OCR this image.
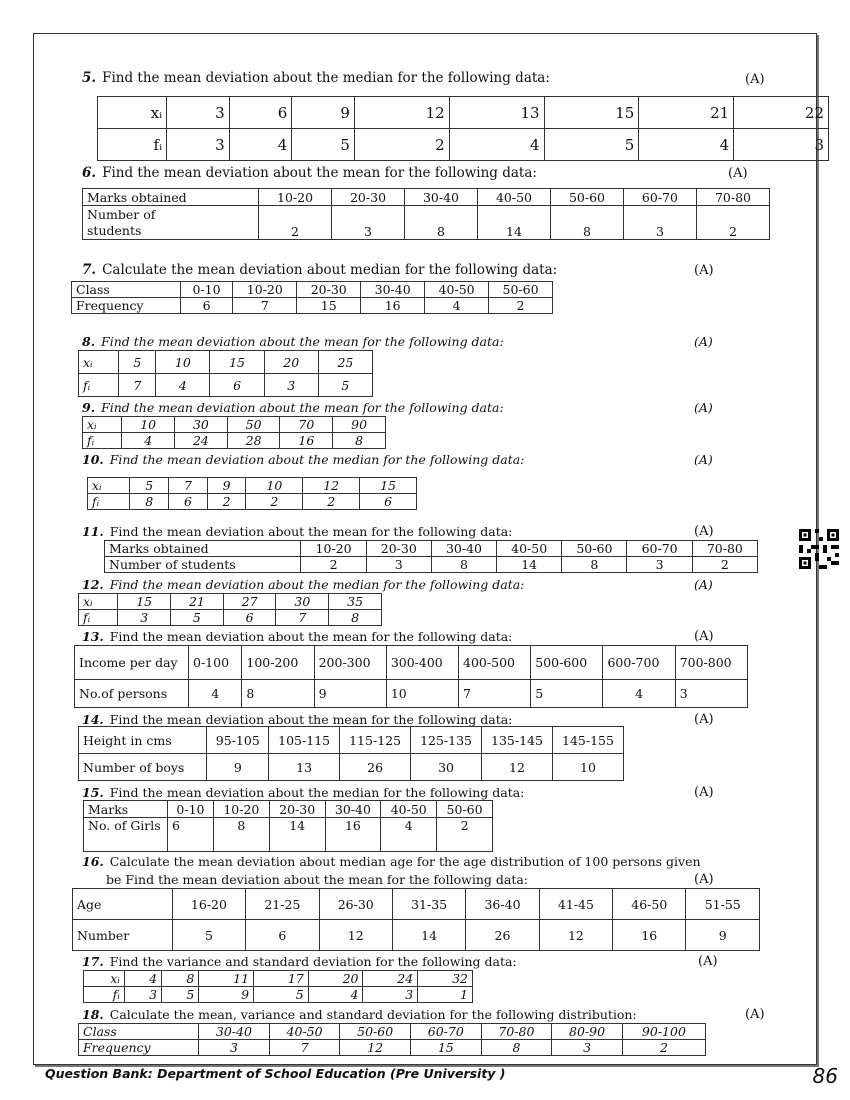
5. Find the mean deviation about the median for the following data:	(A)
xᵢ	3	6	9	12	13	15	21	22
fᵢ	3	4	5	2	4	5	4	3
6. Find the mean deviation about the mean for the following data:	(A)
Marks obtained	10-20	20-30	30-40	40-50	50-60	60-70	70-80
Number of
students	2	3	8	14	8	3	2
7. Calculate the mean deviation about median for the following data:	(A)
Class	0-10	10-20	20-30	30-40	40-50	50-60
Frequency	6	7	15	16	4	2
8. Find the mean deviation about the mean for the following data:	(A)
xᵢ	5	10	15	20	25
fᵢ	7	4	6	3	5
9. Find the mean deviation about the mean for the following data:	(A)
xᵢ	10	30	50	70	90
fᵢ	4	24	28	16	8
10. Find the mean deviation about the median for the following data:	(A)
xᵢ	5	7	9	10	12	15
fᵢ	8	6	2	2	2	6
11. Find the mean deviation about the mean for the following data:	(A)
Marks obtained	10-20	20-30	30-40	40-50	50-60	60-70	70-80
Number of students	2	3	8	14	8	3	2
12. Find the mean deviation about the median for the following data:	(A)
xᵢ	15	21	27	30	35
fᵢ	3	5	6	7	8
13. Find the mean deviation about the mean for the following data:	(A)
Income per day	0-100	100-200	200-300	300-400	400-500	500-600	600-700	700-800
No.of persons	4	8	9	10	7	5	4	3
14. Find the mean deviation about the mean for the following data:	(A)
Height in cms	95-105	105-115	115-125	125-135	135-145	145-155
Number of boys	9	13	26	30	12	10
15. Find the mean deviation about the median for the following data:	(A)
Marks	0-10	10-20	20-30	30-40	40-50	50-60
No. of Girls	6	8	14	16	4	2
16. Calculate the mean deviation about median age for the age distribution of 100 persons given
be Find the mean deviation about the mean for the following data:	(A)
Age	16-20	21-25	26-30	31-35	36-40	41-45	46-50	51-55
Number	5	6	12	14	26	12	16	9
17. Find the variance and standard deviation for the following data:	(A)
xᵢ	4	8	11	17	20	24	32
fᵢ	3	5	9	5	4	3	1
18. Calculate the mean, variance and standard deviation for the following distribution:	(A)
Class	30-40	40-50	50-60	60-70	70-80	80-90	90-100
Frequency	3	7	12	15	8	3	2
Question Bank: Department of School Education (Pre University )	86
